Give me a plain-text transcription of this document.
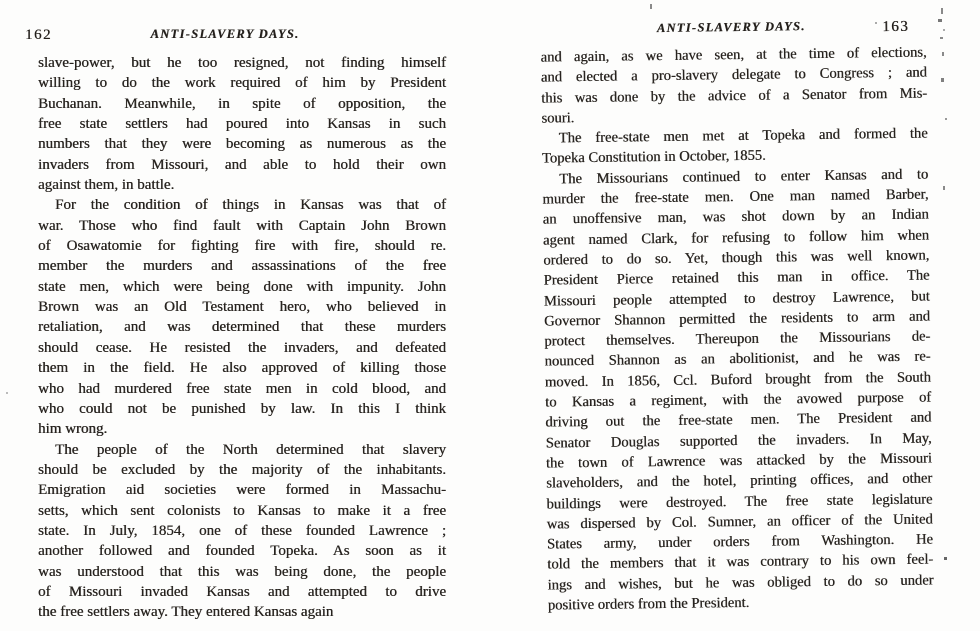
162	ANTI-SLAVERY DAYS.
slave-power, but he too resigned, not finding himself
willing to do the work required of him by President
Buchanan. Meanwhile, in spite of opposition, the
free state settlers had poured into Kansas in such
numbers that they were becoming as numerous as the
invaders from Missouri, and able to hold their own
against them, in battle.
For the condition of things in Kansas was that of
war. Those who find fault with Captain John Brown
of Osawatomie for fighting fire with fire, should re.
member the murders and assassinations of the free
state men, which were being done with impunity. John
Brown was an Old Testament hero, who believed in
retaliation, and was determined that these murders
should cease. He resisted the invaders, and defeated
them in the field. He also approved of killing those
who had murdered free state men in cold blood, and
who could not be punished by law. In this I think
him wrong.
The people of the North determined that slavery
should be excluded by the majority of the inhabitants.
Emigration aid societies were formed in Massachu-
setts, which sent colonists to Kansas to make it a free
state. In July, 1854, one of these founded Lawrence ;
another followed and founded Topeka. As soon as it
was understood that this was being done, the people
of Missouri invaded Kansas and attempted to drive
the free settlers away. They entered Kansas again
ANTI-SLAVERY DAYS.	163
and again, as we have seen, at the time of elections,
and elected a pro-slavery delegate to Congress ; and
this was done by the advice of a Senator from Mis-
souri.
The free-state men met at Topeka and formed the
Topeka Constitution in October, 1855.
The Missourians continued to enter Kansas and to
murder the free-state men. One man named Barber,
an unoffensive man, was shot down by an Indian
agent named Clark, for refusing to follow him when
ordered to do so. Yet, though this was well known,
President Pierce retained this man in office. The
Missouri people attempted to destroy Lawrence, but
Governor Shannon permitted the residents to arm and
protect themselves. Thereupon the Missourians de-
nounced Shannon as an abolitionist, and he was re-
moved. In 1856, Ccl. Buford brought from the South
to Kansas a regiment, with the avowed purpose of
driving out the free-state men. The President and
Senator Douglas supported the invaders. In May,
the town of Lawrence was attacked by the Missouri
slaveholders, and the hotel, printing offices, and other
buildings were destroyed. The free state legislature
was dispersed by Col. Sumner, an officer of the United
States army, under orders from Washington. He
told the members that it was contrary to his own feel-
ings and wishes, but he was obliged to do so under
positive orders from the President.
